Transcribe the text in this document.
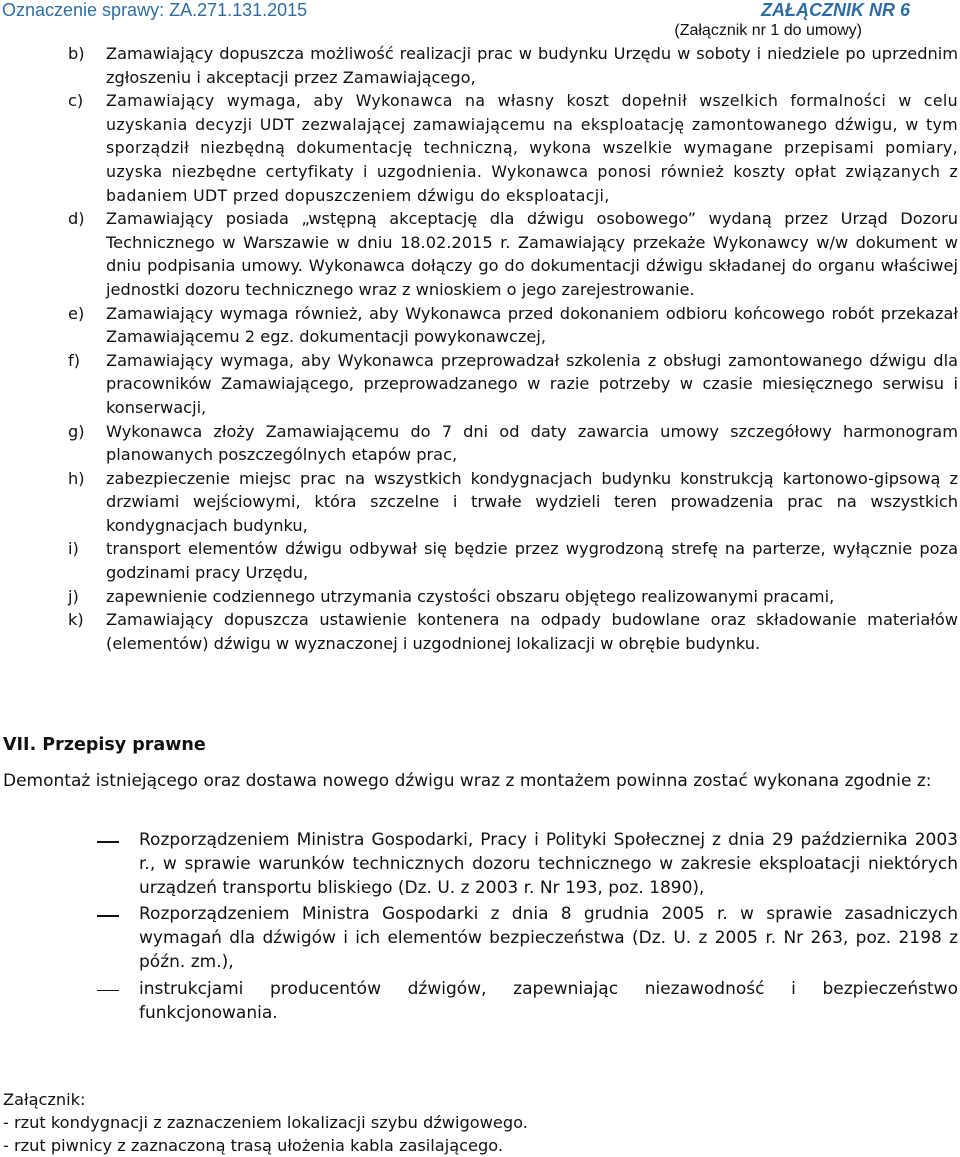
Oznaczenie sprawy: ZA.271.131.2015	ZAŁĄCZNIK NR 6
(Załącznik nr 1 do umowy)
b)	Zamawiający dopuszcza możliwość realizacji prac w budynku Urzędu w soboty i niedziele po uprzednim zgłoszeniu i akceptacji przez Zamawiającego,
c)	Zamawiający wymaga, aby Wykonawca na własny koszt dopełnił wszelkich formalności w celu uzyskania decyzji UDT zezwalającej zamawiającemu na eksploatację zamontowanego dźwigu, w tym sporządził niezbędną dokumentację techniczną, wykona wszelkie wymagane przepisami pomiary, uzyska niezbędne certyfikaty i uzgodnienia. Wykonawca ponosi również koszty opłat związanych z badaniem UDT przed dopuszczeniem dźwigu do eksploatacji,
d)	Zamawiający posiada „wstępną akceptację dla dźwigu osobowego” wydaną przez Urząd Dozoru Technicznego w Warszawie w dniu 18.02.2015 r. Zamawiający przekaże Wykonawcy w/w dokument w dniu podpisania umowy. Wykonawca dołączy go do dokumentacji dźwigu składanej do organu właściwej jednostki dozoru technicznego wraz z wnioskiem o jego zarejestrowanie.
e)	Zamawiający wymaga również, aby Wykonawca przed dokonaniem odbioru końcowego robót przekazał Zamawiającemu 2 egz. dokumentacji powykonawczej,
f)	Zamawiający wymaga, aby Wykonawca przeprowadzał szkolenia z obsługi zamontowanego dźwigu dla pracowników Zamawiającego, przeprowadzanego w razie potrzeby w czasie miesięcznego serwisu i konserwacji,
g)	Wykonawca złoży Zamawiającemu do 7 dni od daty zawarcia umowy szczegółowy harmonogram planowanych poszczególnych etapów prac,
h)	zabezpieczenie miejsc prac na wszystkich kondygnacjach budynku konstrukcją kartonowo-gipsową z drzwiami wejściowymi, która szczelne i trwałe wydzieli teren prowadzenia prac na wszystkich kondygnacjach budynku,
i)	transport elementów dźwigu odbywał się będzie przez wygrodzoną strefę na parterze, wyłącznie poza godzinami pracy Urzędu,
j)	zapewnienie codziennego utrzymania czystości obszaru objętego realizowanymi pracami,
k)	Zamawiający dopuszcza ustawienie kontenera na odpady budowlane oraz składowanie materiałów (elementów) dźwigu w wyznaczonej i uzgodnionej lokalizacji w obrębie budynku.
VII. Przepisy prawne
Demontaż istniejącego oraz dostawa nowego dźwigu wraz z montażem powinna zostać wykonana zgodnie z:
Rozporządzeniem Ministra Gospodarki, Pracy i Polityki Społecznej z dnia 29 października 2003 r., w sprawie warunków technicznych dozoru technicznego w zakresie eksploatacji niektórych urządzeń transportu bliskiego (Dz. U. z 2003 r. Nr 193, poz. 1890),
Rozporządzeniem Ministra Gospodarki z dnia 8 grudnia 2005 r. w sprawie zasadniczych wymagań dla dźwigów i ich elementów bezpieczeństwa (Dz. U. z 2005 r. Nr 263, poz. 2198 z późn. zm.),
instrukcjami producentów dźwigów, zapewniając niezawodność i bezpieczeństwo funkcjonowania.
Załącznik:
- rzut kondygnacji z zaznaczeniem lokalizacji szybu dźwigowego.
- rzut piwnicy z zaznaczoną trasą ułożenia kabla zasilającego.
